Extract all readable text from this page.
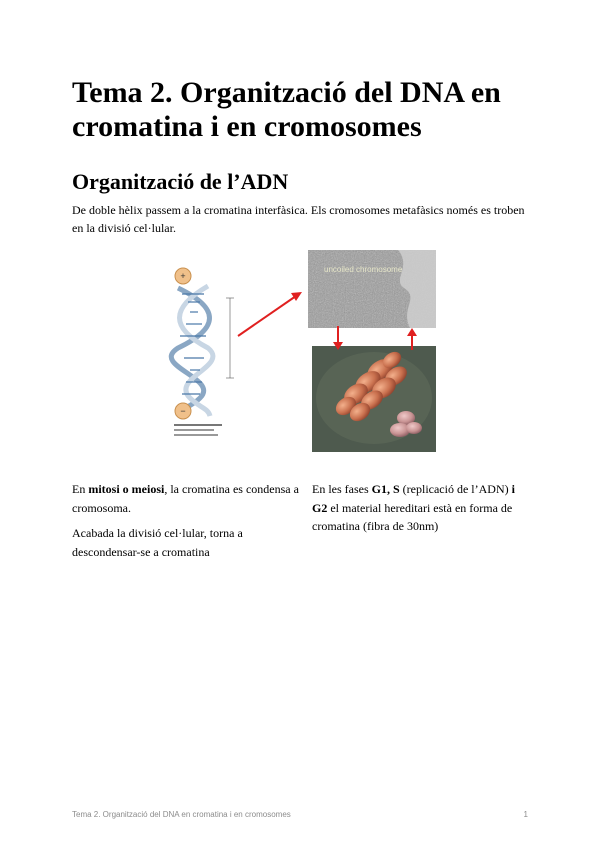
Tema 2. Organització del DNA en cromatina i en cromosomes
Organització de l’ADN

De doble hèlix passem a la cromatina interfàsica. Els cromosomes metafàsics només es troben en la divisió cel·lular.

+
−
uncoiled chromosome

En mitosi o meiosi, la cromatina es condensa a cromosoma.

Acabada la divisió cel·lular, torna a descondensar-se a cromatina

En les fases G1, S (replicació de l’ADN) i G2 el material hereditari està en forma de cromatina (fibra de 30nm)

Tema 2. Organització del DNA en cromatina i en cromosomes	1
